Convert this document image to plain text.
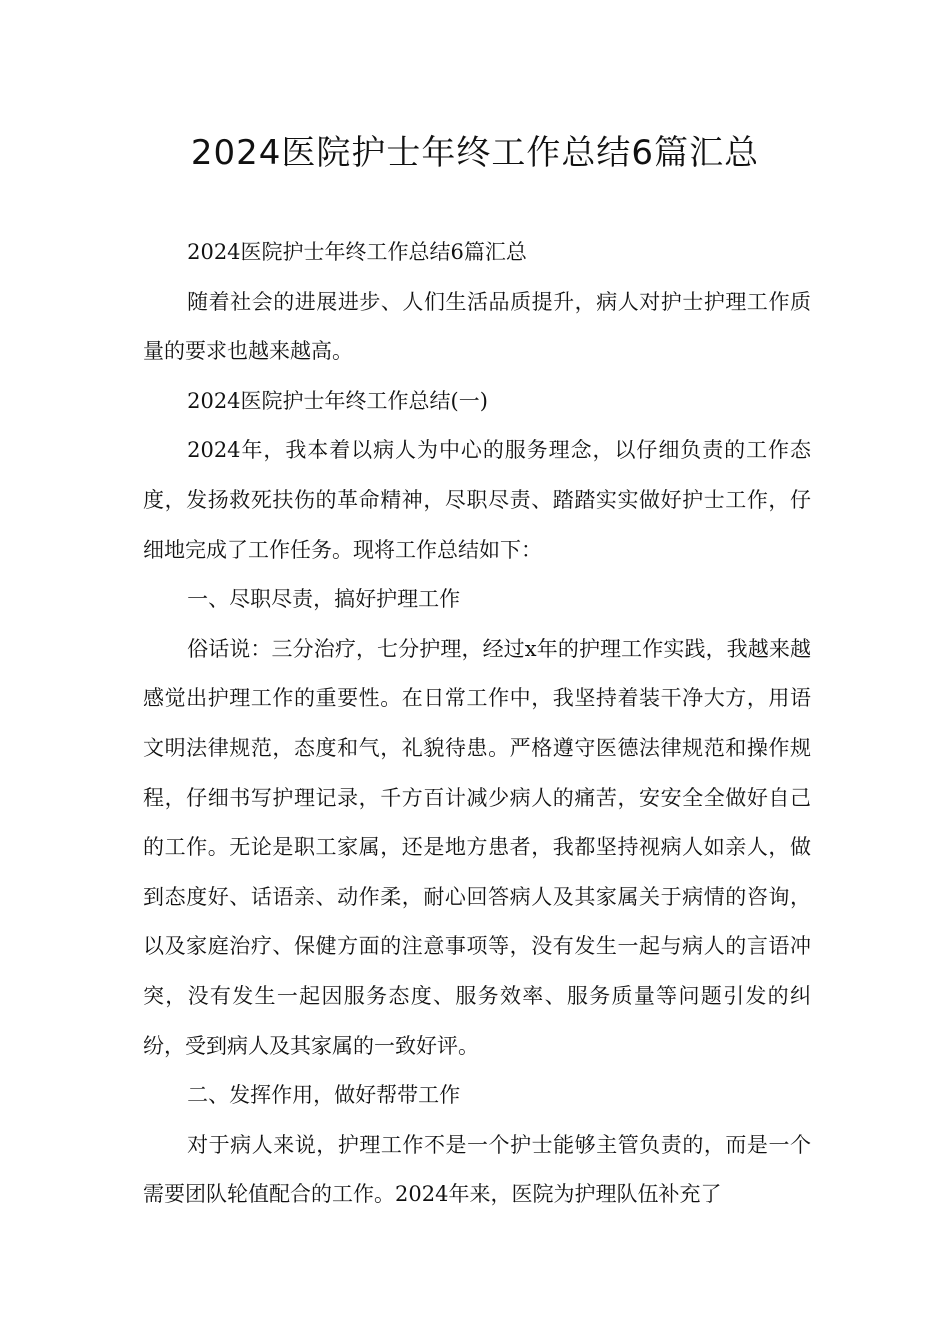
2024医院护士年终工作总结6篇汇总

2024医院护士年终工作总结6篇汇总

随着社会的进展进步、人们生活品质提升，病人对护士护理工作质量的要求也越来越高。

2024医院护士年终工作总结(一)

2024年，我本着以病人为中心的服务理念，以仔细负责的工作态度，发扬救死扶伤的革命精神，尽职尽责、踏踏实实做好护士工作，仔细地完成了工作任务。现将工作总结如下：

一、尽职尽责，搞好护理工作

俗话说：三分治疗，七分护理，经过x年的护理工作实践，我越来越感觉出护理工作的重要性。在日常工作中，我坚持着装干净大方，用语文明法律规范，态度和气，礼貌待患。严格遵守医德法律规范和操作规程，仔细书写护理记录，千方百计减少病人的痛苦，安安全全做好自己的工作。无论是职工家属，还是地方患者，我都坚持视病人如亲人，做到态度好、话语亲、动作柔，耐心回答病人及其家属关于病情的咨询，以及家庭治疗、保健方面的注意事项等，没有发生一起与病人的言语冲突，没有发生一起因服务态度、服务效率、服务质量等问题引发的纠纷，受到病人及其家属的一致好评。

二、发挥作用，做好帮带工作

对于病人来说，护理工作不是一个护士能够主管负责的，而是一个需要团队轮值配合的工作。2024年来，医院为护理队伍补充了
